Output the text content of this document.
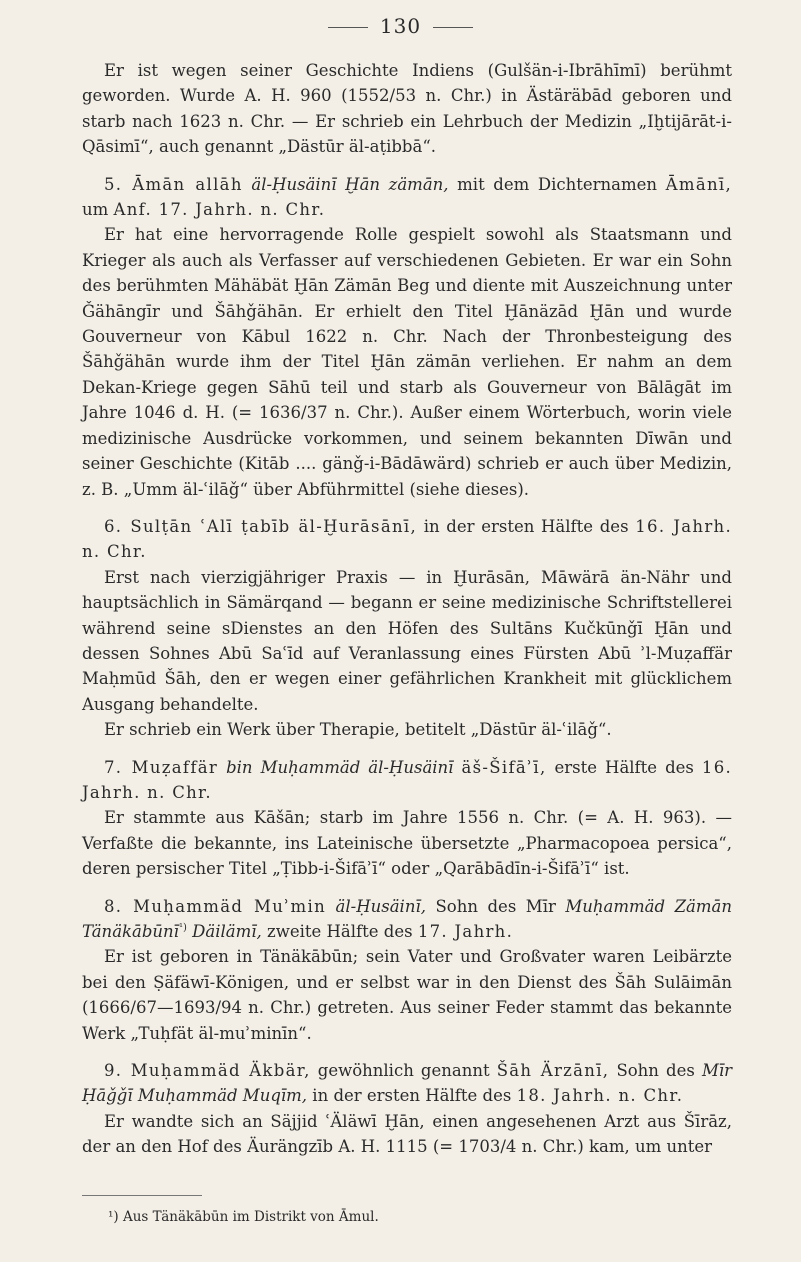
130

Er ist wegen seiner Geschichte Indiens (Gulšän-i-Ibrāhīmī) berühmt geworden. Wurde A. H. 960 (1552/53 n. Chr.) in Ästäräbād geboren und starb nach 1623 n. Chr. — Er schrieb ein Lehrbuch der Medizin „Iḫtijārāt-i-Qāsimī“, auch genannt „Dästūr äl-aṭibbā“.

5. Āmān allāh äl-Ḥusäinī Ḫān zämān, mit dem Dichternamen Āmānī, um Anf. 17. Jahrh. n. Chr.

Er hat eine hervorragende Rolle gespielt sowohl als Staatsmann und Krieger als auch als Verfasser auf verschiedenen Gebieten. Er war ein Sohn des berühmten Mähäbät Ḫān Zämān Beg und diente mit Auszeichnung unter Ǧähāngīr und Šāhǧähān. Er erhielt den Titel Ḫānäzād Ḫān und wurde Gouverneur von Kābul 1622 n. Chr. Nach der Thronbesteigung des Šāhǧähān wurde ihm der Titel Ḫān zämān verliehen. Er nahm an dem Dekan-Kriege gegen Sāhū teil und starb als Gouverneur von Bālāgāt im Jahre 1046 d. H. (= 1636/37 n. Chr.). Außer einem Wörterbuch, worin viele medizinische Ausdrücke vorkommen, und seinem bekannten Dīwān und seiner Geschichte (Kitāb .... gänǧ-i-Bādāwärd) schrieb er auch über Medizin, z. B. „Umm äl-ʿilāǧ“ über Abführmittel (siehe dieses).

6. Sulṭān ʿAlī ṭabīb äl-Ḫurāsānī, in der ersten Hälfte des 16. Jahrh. n. Chr.

Erst nach vierzigjähriger Praxis — in Ḫurāsān, Māwärā än-Nähr und hauptsächlich in Sämärqand — begann er seine medizinische Schriftstellerei während seine sDienstes an den Höfen des Sultāns Kučkūnǧī Ḫān und dessen Sohnes Abū Saʿīd auf Veranlassung eines Fürsten Abū ʾl-Muẓaffär Maḥmūd Šāh, den er wegen einer gefährlichen Krankheit mit glücklichem Ausgang behandelte.

Er schrieb ein Werk über Therapie, betitelt „Dästūr äl-ʿilāǧ“.

7. Muẓaffär bin Muḥammäd äl-Ḥusäinī äš-Šifāʾī, erste Hälfte des 16. Jahrh. n. Chr.

Er stammte aus Kāšān; starb im Jahre 1556 n. Chr. (= A. H. 963). — Verfaßte die bekannte, ins Lateinische übersetzte „Pharmacopoea persica“, deren persischer Titel „Ṭibb-i-Šifāʾī“ oder „Qarābādīn-i-Šifāʾī“ ist.

8. Muḥammäd Muʾmin äl-Ḥusäinī, Sohn des Mīr Muḥammäd Zämān Tänäkābūnī$^{^1)}$ Däilämī, zweite Hälfte des 17. Jahrh.

Er ist geboren in Tänäkābūn; sein Vater und Großvater waren Leibärzte bei den Ṣäfäwī-Königen, und er selbst war in den Dienst des Šāh Sulāimān (1666/67—1693/94 n. Chr.) getreten. Aus seiner Feder stammt das bekannte Werk „Tuḥfät äl-muʾminīn“.

9. Muḥammäd Äkbär, gewöhnlich genannt Šāh Ärzānī, Sohn des Mīr Ḥāǧǧī Muḥammäd Muqīm, in der ersten Hälfte des 18. Jahrh. n. Chr.

Er wandte sich an Säjjid ʿÄläwī Ḫān, einen angesehenen Arzt aus Šīrāz, der an den Hof des Äurängzīb A. H. 1115 (= 1703/4 n. Chr.) kam, um unter

¹) Aus Tänäkābūn im Distrikt von Āmul.
